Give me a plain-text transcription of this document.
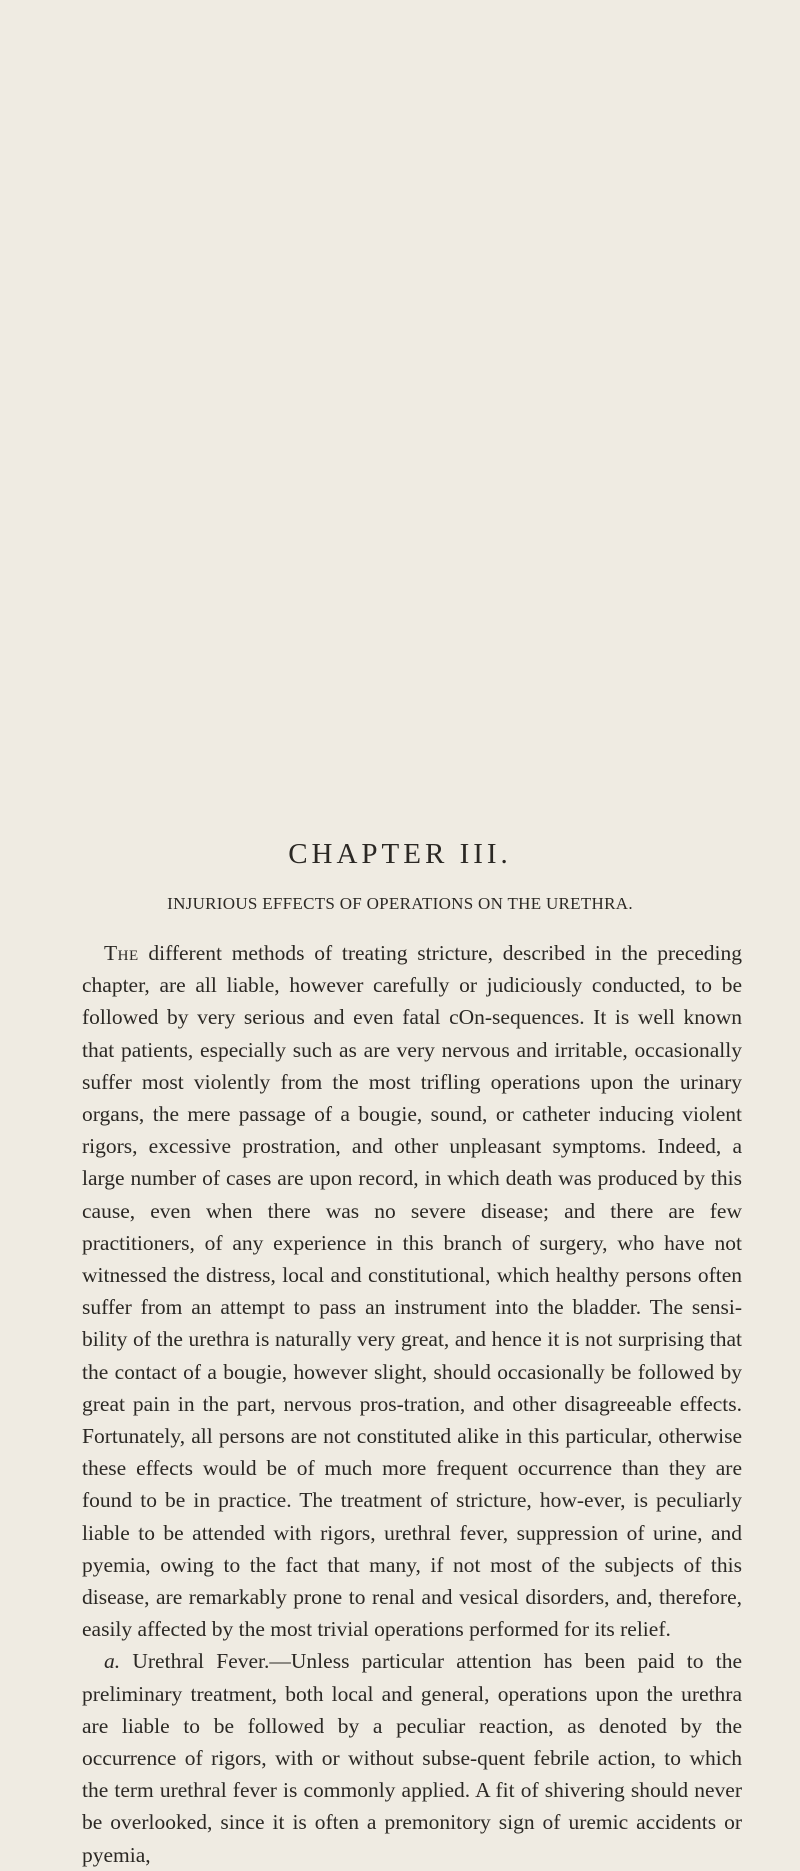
CHAPTER III.
INJURIOUS EFFECTS OF OPERATIONS ON THE URETHRA.

The different methods of treating stricture, described in the preceding chapter, are all liable, however carefully or judiciously conducted, to be followed by very serious and even fatal cOn-sequences. It is well known that patients, especially such as are very nervous and irritable, occasionally suffer most violently from the most trifling operations upon the urinary organs, the mere passage of a bougie, sound, or catheter inducing violent rigors, excessive prostration, and other unpleasant symptoms. Indeed, a large number of cases are upon record, in which death was produced by this cause, even when there was no severe disease; and there are few practitioners, of any experience in this branch of surgery, who have not witnessed the distress, local and constitutional, which healthy persons often suffer from an attempt to pass an instrument into the bladder. The sensi-bility of the urethra is naturally very great, and hence it is not surprising that the contact of a bougie, however slight, should occasionally be followed by great pain in the part, nervous pros-tration, and other disagreeable effects. Fortunately, all persons are not constituted alike in this particular, otherwise these effects would be of much more frequent occurrence than they are found to be in practice. The treatment of stricture, how-ever, is peculiarly liable to be attended with rigors, urethral fever, suppression of urine, and pyemia, owing to the fact that many, if not most of the subjects of this disease, are remarkably prone to renal and vesical disorders, and, therefore, easily affected by the most trivial operations performed for its relief.

a. Urethral Fever.—Unless particular attention has been paid to the preliminary treatment, both local and general, operations upon the urethra are liable to be followed by a peculiar reaction, as denoted by the occurrence of rigors, with or without subse-quent febrile action, to which the term urethral fever is commonly applied. A fit of shivering should never be overlooked, since it is often a premonitory sign of uremic accidents or pyemia,
